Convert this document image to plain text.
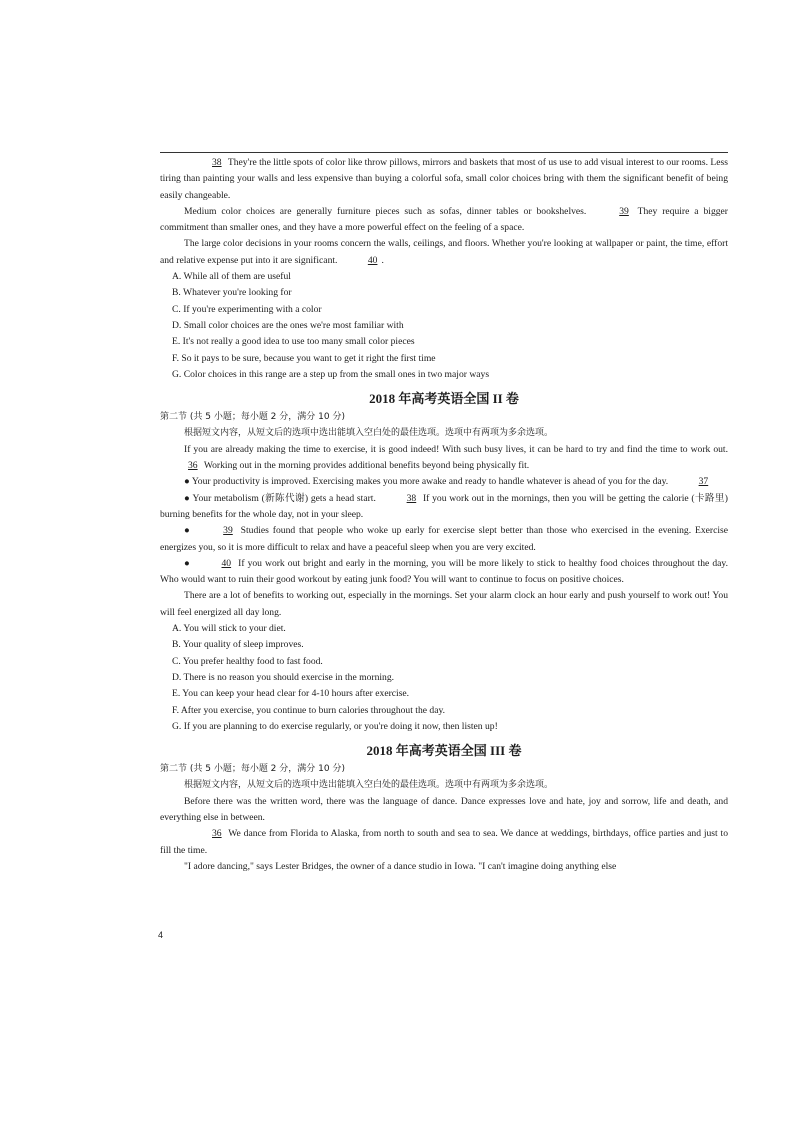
38 They're the little spots of color like throw pillows, mirrors and baskets that most of us use to add visual interest to our rooms. Less tiring than painting your walls and less expensive than buying a colorful sofa, small color choices bring with them the significant benefit of being easily changeable.

Medium color choices are generally furniture pieces such as sofas, dinner tables or bookshelves.	39 They require a bigger commitment than smaller ones, and they have a more powerful effect on the feeling of a space.

The large color decisions in your rooms concern the walls, ceilings, and floors. Whether you're looking at wallpaper or paint, the time, effort and relative expense put into it are significant.	40 .

A. While all of them are useful

B. Whatever you're looking for

C. If you're experimenting with a color

D. Small color choices are the ones we're most familiar with

E. It's not really a good idea to use too many small color pieces

F. So it pays to be sure, because you want to get it right the first time

G. Color choices in this range are a step up from the small ones in two major ways

2018 年高考英语全国 II 卷

第二节 (共 5 小题；每小题 2 分，满分 10 分)

根据短文内容，从短文后的选项中选出能填入空白处的最佳选项。选项中有两项为多余选项。

If you are already making the time to exercise, it is good indeed! With such busy lives, it can be hard to try and find the time to work out. 36 Working out in the morning provides additional benefits beyond being physically fit.

● Your productivity is improved. Exercising makes you more awake and ready to handle whatever is ahead of you for the day.	37

● Your metabolism (新陈代谢) gets a head start.	38 If you work out in the mornings, then you will be getting the calorie (卡路里) burning benefits for the whole day, not in your sleep.

●	39 Studies found that people who woke up early for exercise slept better than those who exercised in the evening. Exercise energizes you, so it is more difficult to relax and have a peaceful sleep when you are very excited.

●	40 If you work out bright and early in the morning, you will be more likely to stick to healthy food choices throughout the day. Who would want to ruin their good workout by eating junk food? You will want to continue to focus on positive choices.

There are a lot of benefits to working out, especially in the mornings. Set your alarm clock an hour early and push yourself to work out! You will feel energized all day long.

A. You will stick to your diet.

B. Your quality of sleep improves.

C. You prefer healthy food to fast food.

D. There is no reason you should exercise in the morning.

E. You can keep your head clear for 4-10 hours after exercise.

F. After you exercise, you continue to burn calories throughout the day.

G. If you are planning to do exercise regularly, or you're doing it now, then listen up!

2018 年高考英语全国 III 卷

第二节 (共 5 小题；每小题 2 分，满分 10 分)

根据短文内容，从短文后的选项中选出能填入空白处的最佳选项。选项中有两项为多余选项。

Before there was the written word, there was the language of dance. Dance expresses love and hate, joy and sorrow, life and death, and everything else in between.

36 We dance from Florida to Alaska, from north to south and sea to sea. We dance at weddings, birthdays, office parties and just to fill the time.

"I adore dancing," says Lester Bridges, the owner of a dance studio in Iowa. "I can't imagine doing anything else

4
